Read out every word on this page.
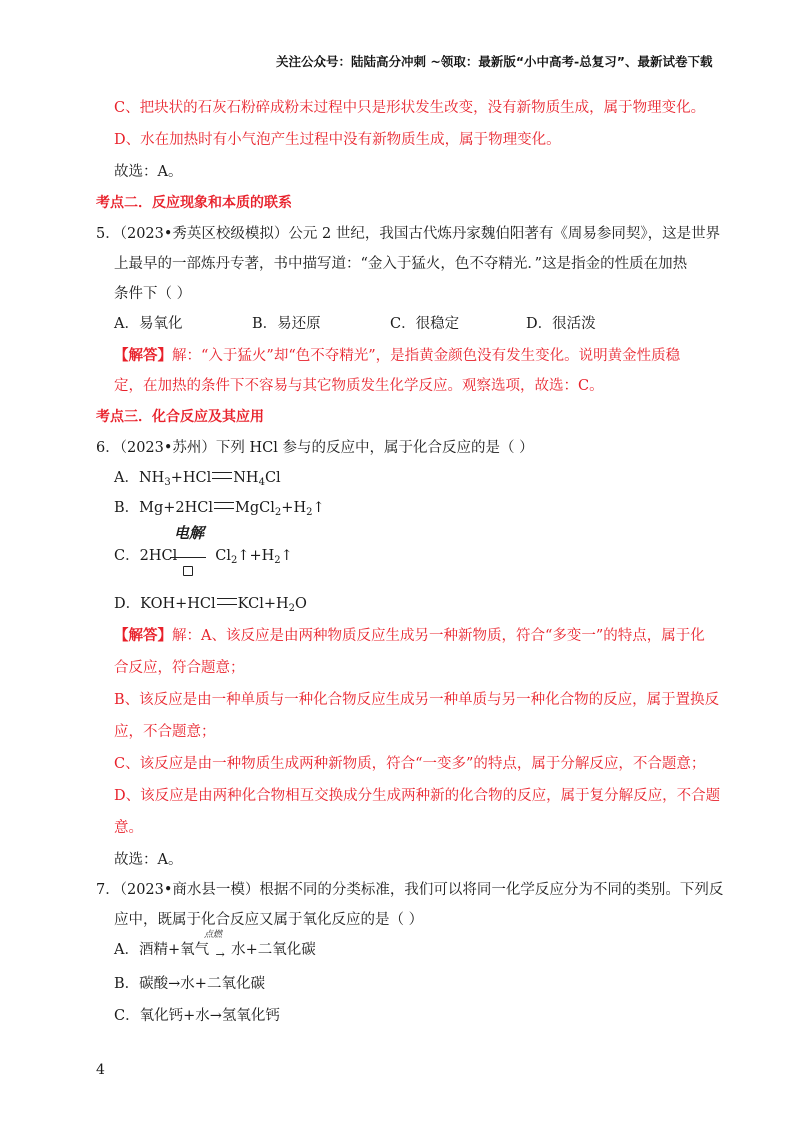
关注公众号：陆陆高分冲刺 ~领取：最新版“小中高考-总复习”、最新试卷下载
C、把块状的石灰石粉碎成粉末过程中只是形状发生改变，没有新物质生成，属于物理变化。
D、水在加热时有小气泡产生过程中没有新物质生成，属于物理变化。
故选：A。
考点二．反应现象和本质的联系
5．（2023•秀英区校级模拟）公元 2 世纪，我国古代炼丹家魏伯阳著有《周易参同契》，这是世界
上最早的一部炼丹专著，书中描写道：“金入于猛火，色不夺精光．”这是指金的性质在加热
条件下（ ）
A．易氧化	B．易还原	C．很稳定	D．很活泼
【解答】解：“入于猛火”却“色不夺精光”，是指黄金颜色没有发生变化。说明黄金性质稳
定，在加热的条件下不容易与其它物质发生化学反应。观察选项，故选：C。
考点三．化合反应及其应用
6．（2023•苏州）下列 HCl 参与的反应中，属于化合反应的是（ ）
A．$NH_3+HCl$ $NH_4Cl$
B．Mg+2HCl $MgCl_2+H_2↑$
电解
C．2HCl	$Cl_2↑+H_2↑$
D．KOH+HCl $KCl+H_2O$
【解答】解：A、该反应是由两种物质反应生成另一种新物质，符合“多变一”的特点，属于化
合反应，符合题意；
B、该反应是由一种单质与一种化合物反应生成另一种单质与另一种化合物的反应，属于置换反
应，不合题意；
C、该反应是由一种物质生成两种新物质，符合“一变多”的特点，属于分解反应，不合题意；
D、该反应是由两种化合物相互交换成分生成两种新的化合物的反应，属于复分解反应，不合题
意。
故选：A。
7．（2023•商水县一模）根据不同的分类标准，我们可以将同一化学反应分为不同的类别。下列反
应中，既属于化合反应又属于氧化反应的是（ ）
点燃
A．酒精+氧气 → 水+二氧化碳
B．碳酸→水+二氧化碳
C．氧化钙+水→氢氧化钙
4
